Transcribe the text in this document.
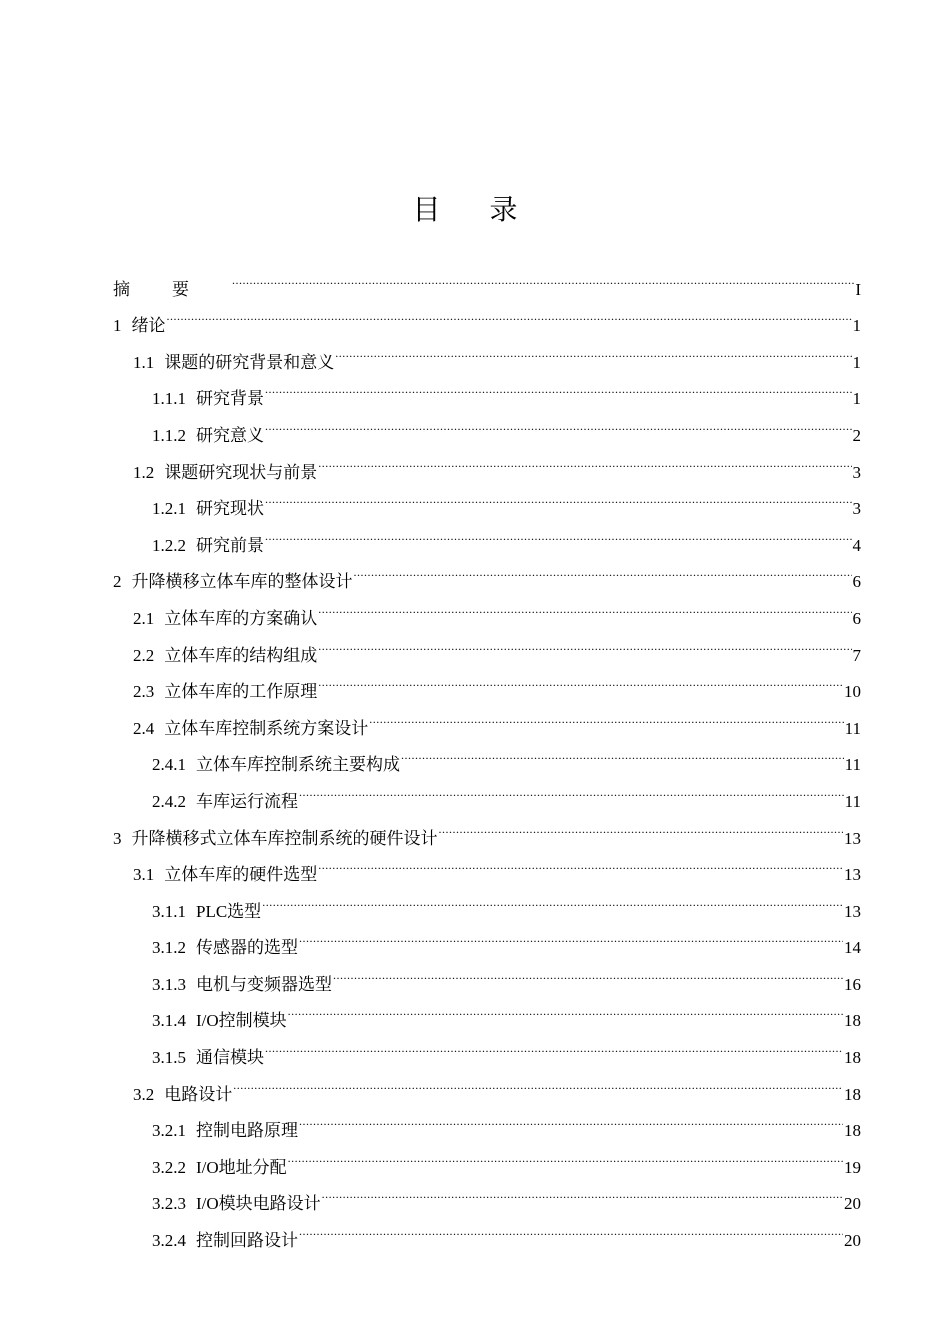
目 录
摘要 .....	I
1 绪论 .....	1
1.1 课题的研究背景和意义 .....	1
1.1.1 研究背景 .....	1
1.1.2 研究意义 .....	2
1.2 课题研究现状与前景 .....	3
1.2.1 研究现状 .....	3
1.2.2 研究前景 .....	4
2 升降横移立体车库的整体设计 .....	6
2.1 立体车库的方案确认 .....	6
2.2 立体车库的结构组成 .....	7
2.3 立体车库的工作原理 .....	10
2.4 立体车库控制系统方案设计 .....	11
2.4.1 立体车库控制系统主要构成 .....	11
2.4.2 车库运行流程 .....	11
3 升降横移式立体车库控制系统的硬件设计 .....	13
3.1 立体车库的硬件选型 .....	13
3.1.1 PLC选型 .....	13
3.1.2 传感器的选型 .....	14
3.1.3 电机与变频器选型 .....	16
3.1.4 I/O控制模块 .....	18
3.1.5 通信模块 .....	18
3.2 电路设计 .....	18
3.2.1 控制电路原理 .....	18
3.2.2 I/O地址分配 .....	19
3.2.3 I/O模块电路设计 .....	20
3.2.4 控制回路设计 .....	20
